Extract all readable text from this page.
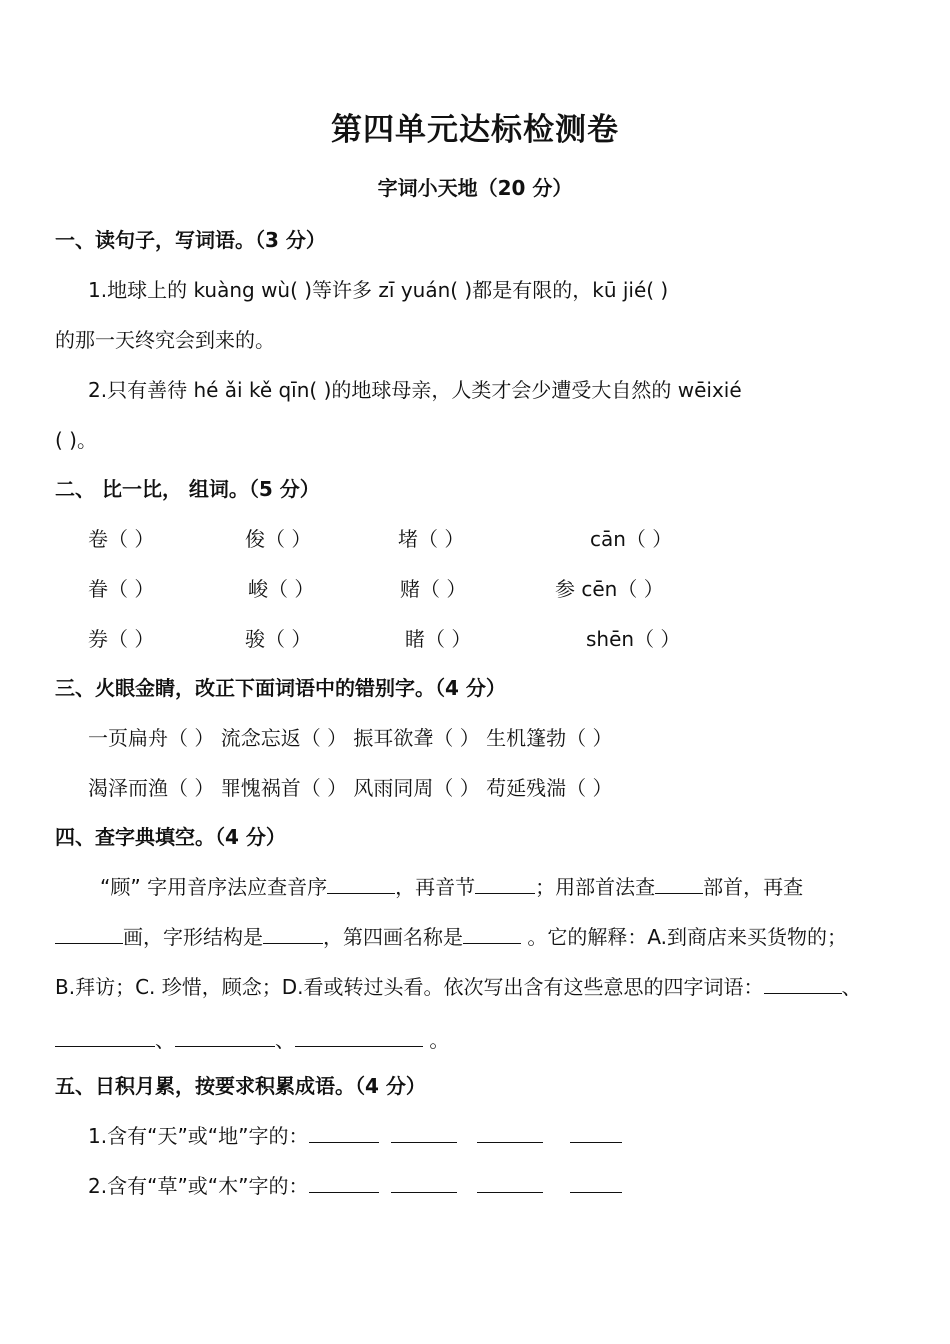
第四单元达标检测卷
字词小天地（20 分）
一、读句子，写词语。（3 分）
1.地球上的 kuàng wù( )等许多 zī yuán( )都是有限的，kū jié( )
的那一天终究会到来的。
2.只有善待 hé ǎi kě qīn( )的地球母亲，人类才会少遭受大自然的 wēixié
( )。
二、 比一比， 组词。（5 分）
卷（ ）	俊（ ）	堵（ ）	cān（ ）
眷（ ）	峻（ ）	赌（ ）	参 cēn（ ）
券（ ）	骏（ ）	睹（ ）	shēn（ ）
三、火眼金睛，改正下面词语中的错别字。（4 分）
一页扁舟（ ） 流念忘返（ ） 振耳欲聋（ ） 生机篷勃（ ）
渴泽而渔（ ） 罪愧祸首（ ） 风雨同周（ ） 苟延残湍（ ）
四、查字典填空。（4 分）
“顾” 字用音序法应查音序	，再音节	；用部首法查 部首，再查
画，字形结构是	，第四画名称是	。它的解释：A.到商店来买货物的；
B.拜访；C. 珍惜，顾念；D.看或转过头看。依次写出含有这些意思的四字词语：	、
、	、	。
五、日积月累，按要求积累成语。（4 分）
1.含有“天”或“地”字的：
2.含有“草”或“木”字的：
